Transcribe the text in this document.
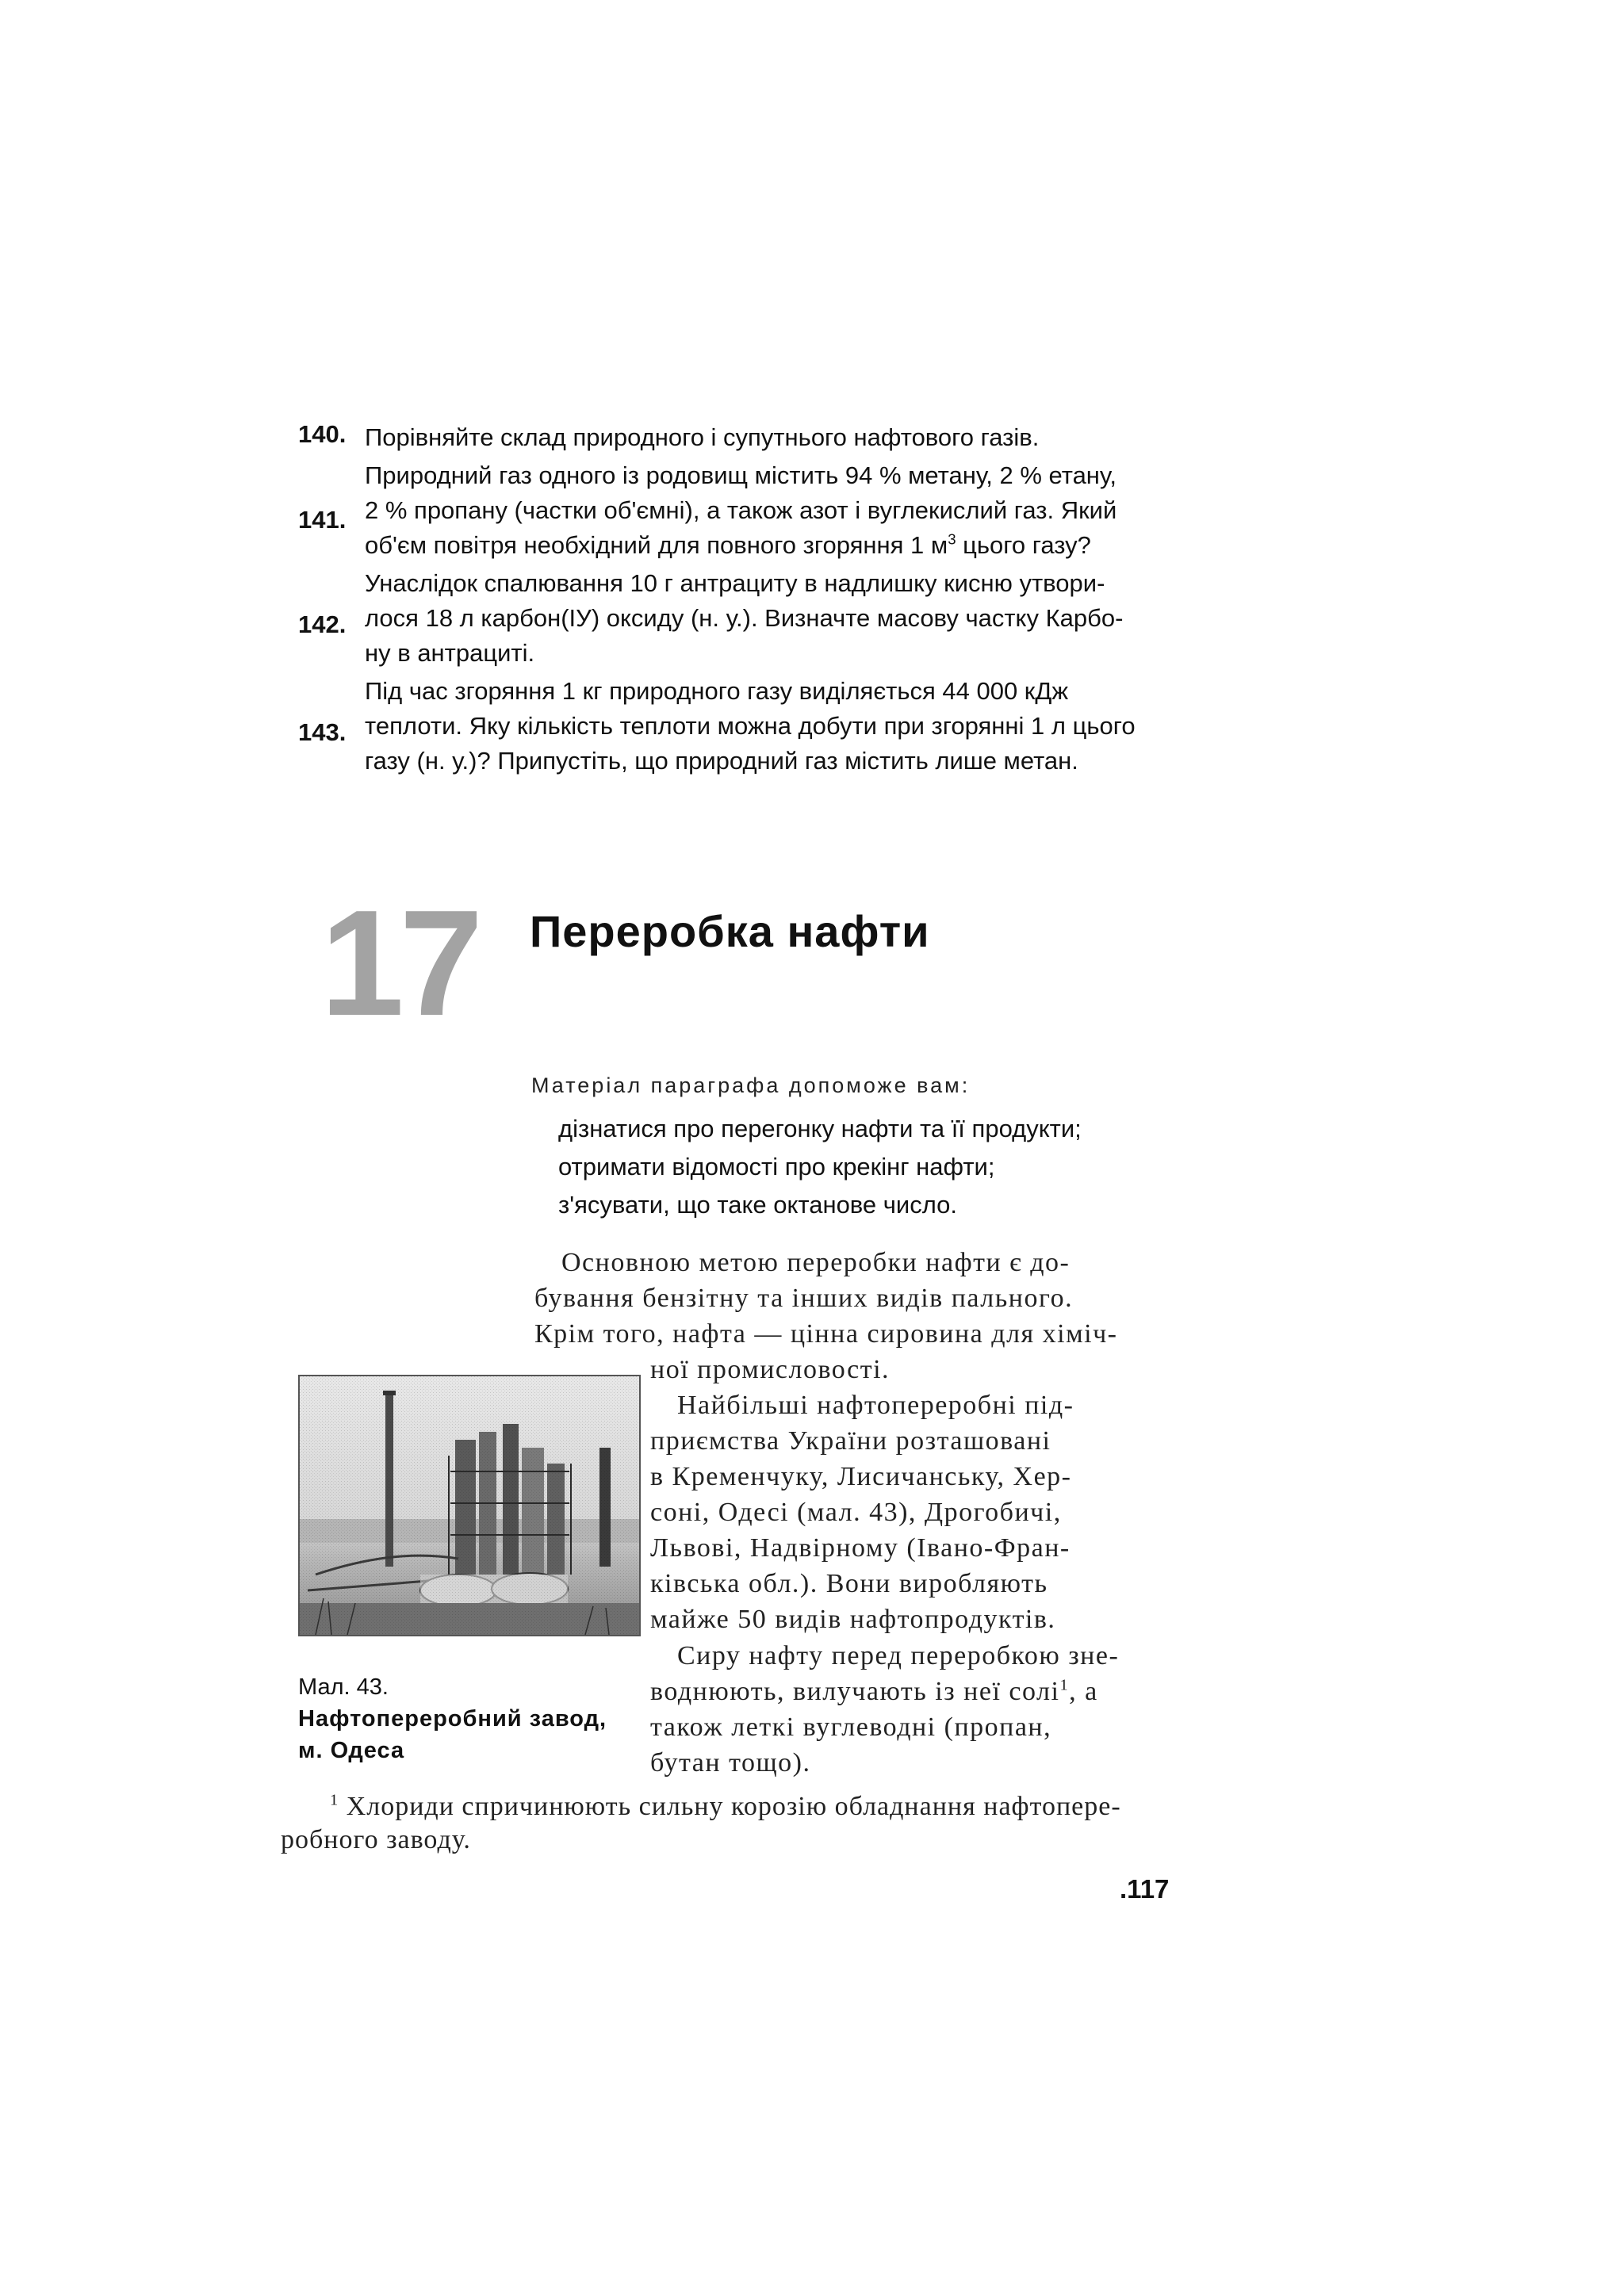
140. Порівняйте склад природного і супутнього нафтового газів.
141.
Природний газ одного із родовищ містить 94 % метану, 2 % етану,
2 % пропану (частки об'ємні), а також азот і вуглекислий газ. Який
об'єм повітря необхідний для повного згоряння 1 $м^3$ цього газу?
142.
Унаслідок спалювання 10 г антрациту в надлишку кисню утвори-
лося 18 л карбон(IУ) оксиду (н. у.). Визначте масову частку Карбо-
ну в антрациті.
143.
Під час згоряння 1 кг природного газу виділяється 44 000 кДж
теплоти. Яку кількість теплоти можна добути при згорянні 1 л цього
газу (н. у.)? Припустіть, що природний газ містить лише метан.
17 Переробка нафти
Матеріал параграфа допоможе вам:
дізнатися про перегонку нафти та її продукти;
отримати відомості про крекінг нафти;
з'ясувати, що таке октанове число.
Основною метою переробки нафти є до-
бування бензітну та інших видів пального.
Крім того, нафта — цінна сировина для хіміч-
ної промисловості.
Найбільші нафтопереробні під-
приємства України розташовані
в Кременчуку, Лисичанську, Хер-
соні, Одесі (мал. 43), Дрогобичі,
Львові, Надвірному (Івано-Фран-
ківська обл.). Вони виробляють
майже 50 видів нафтопродуктів.
Сиру нафту перед переробкою зне-
воднюють, вилучають із неї солі$^1$, а
також леткі вуглеводні (пропан,
бутан тощо).
Мал. 43.
Нафтопереробний завод,
м. Одеса
$^1$ Хлориди спричинюють сильну корозію обладнання нафтопере-
робного заводу.
.117
